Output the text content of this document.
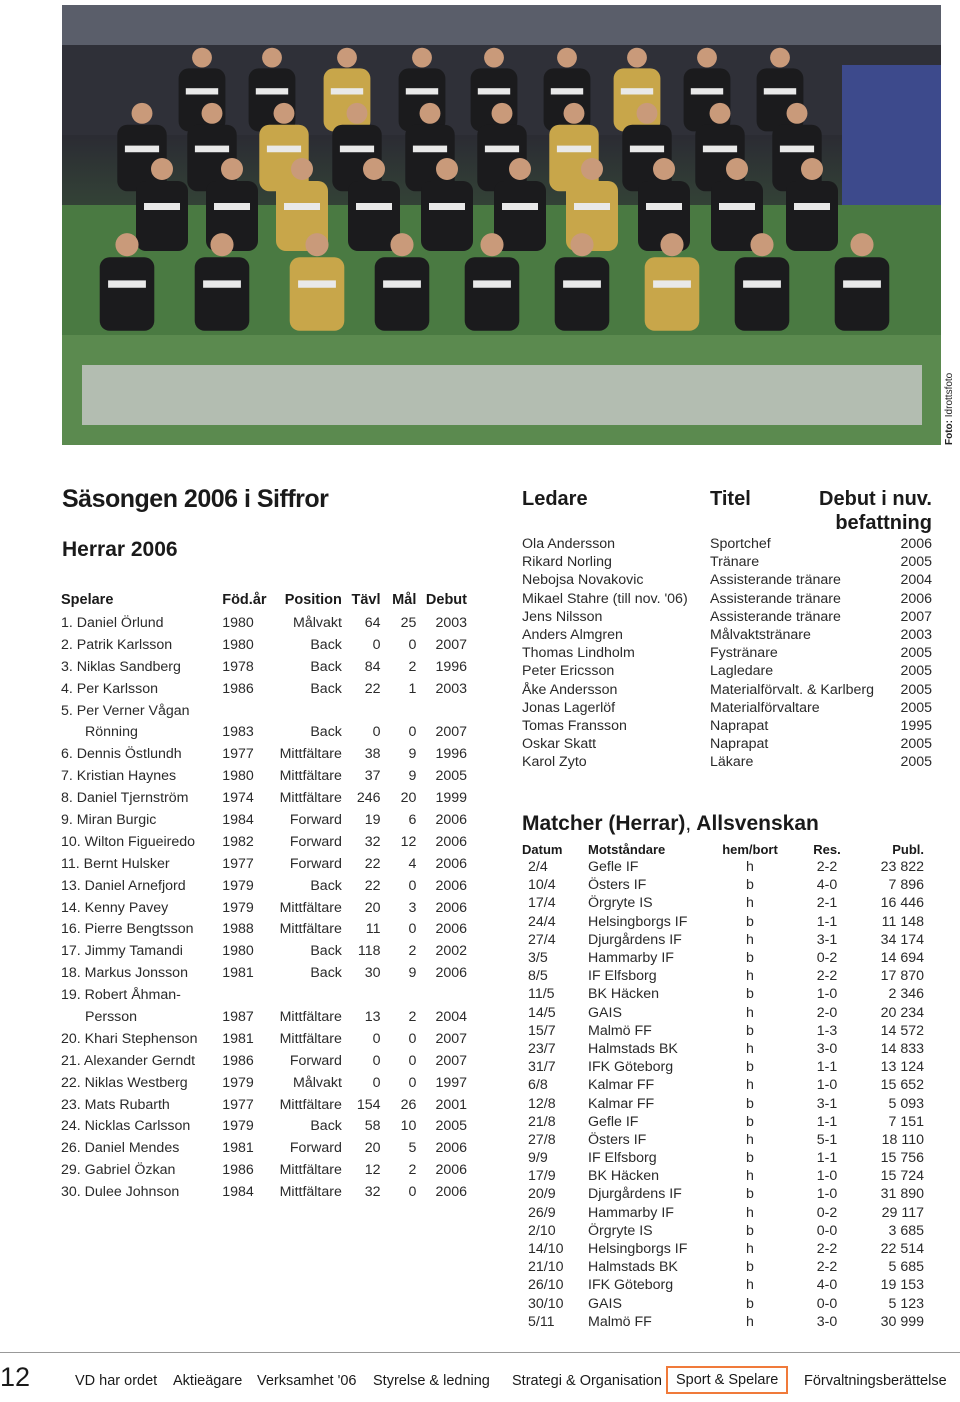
Foto: Idrottsfoto
Säsongen 2006 i Siffror
Herrar 2006
Spelare	Föd.år	Position	Tävl	Mål	Debut
1. Daniel Örlund	1980	Målvakt	64	25	2003
2. Patrik Karlsson	1980	Back	0	0	2007
3. Niklas Sandberg	1978	Back	84	2	1996
4. Per Karlsson	1986	Back	22	1	2003
5. Per Verner Vågan					
Rönning	1983	Back	0	0	2007
6. Dennis Östlundh	1977	Mittfältare	38	9	1996
7. Kristian Haynes	1980	Mittfältare	37	9	2005
8. Daniel Tjernström	1974	Mittfältare	246	20	1999
9. Miran Burgic	1984	Forward	19	6	2006
10. Wilton Figueiredo	1982	Forward	32	12	2006
11. Bernt Hulsker	1977	Forward	22	4	2006
13. Daniel Arnefjord	1979	Back	22	0	2006
14. Kenny Pavey	1979	Mittfältare	20	3	2006
16. Pierre Bengtsson	1988	Mittfältare	11	0	2006
17. Jimmy Tamandi	1980	Back	118	2	2002
18. Markus Jonsson	1981	Back	30	9	2006
19. Robert Åhman-					
Persson	1987	Mittfältare	13	2	2004
20. Khari Stephenson	1981	Mittfältare	0	0	2007
21. Alexander Gerndt	1986	Forward	0	0	2007
22. Niklas Westberg	1979	Målvakt	0	0	1997
23. Mats Rubarth	1977	Mittfältare	154	26	2001
24. Nicklas Carlsson	1979	Back	58	10	2005
26. Daniel Mendes	1981	Forward	20	5	2006
29. Gabriel Özkan	1986	Mittfältare	12	2	2006
30. Dulee Johnson	1984	Mittfältare	32	0	2006
Ledare	Titel	Debut i nuv.
befattning
Ola Andersson	Sportchef	2006
Rikard Norling	Tränare	2005
Nebojsa Novakovic	Assisterande tränare	2004
Mikael Stahre (till nov. '06)	Assisterande tränare	2006
Jens Nilsson	Assisterande tränare	2007
Anders Almgren	Målvaktstränare	2003
Thomas Lindholm	Fystränare	2005
Peter Ericsson	Lagledare	2005
Åke Andersson	Materialförvalt. & Karlberg	2005
Jonas Lagerlöf	Materialförvaltare	2005
Tomas Fransson	Naprapat	1995
Oskar Skatt	Naprapat	2005
Karol Zyto	Läkare	2005
Matcher (Herrar), Allsvenskan
Datum	Motståndare	hem/bort	Res.	Publ.
2/4	Gefle IF	h	2-2	23 822
10/4	Östers IF	b	4-0	7 896
17/4	Örgryte IS	h	2-1	16 446
24/4	Helsingborgs IF	b	1-1	11 148
27/4	Djurgårdens IF	h	3-1	34 174
3/5	Hammarby IF	b	0-2	14 694
8/5	IF Elfsborg	h	2-2	17 870
11/5	BK Häcken	b	1-0	2 346
14/5	GAIS	h	2-0	20 234
15/7	Malmö FF	b	1-3	14 572
23/7	Halmstads BK	h	3-0	14 833
31/7	IFK Göteborg	b	1-1	13 124
6/8	Kalmar FF	h	1-0	15 652
12/8	Kalmar FF	b	3-1	5 093
21/8	Gefle IF	b	1-1	7 151
27/8	Östers IF	h	5-1	18 110
9/9	IF Elfsborg	b	1-1	15 756
17/9	BK Häcken	h	1-0	15 724
20/9	Djurgårdens IF	b	1-0	31 890
26/9	Hammarby IF	h	0-2	29 117
2/10	Örgryte IS	b	0-0	3 685
14/10	Helsingborgs IF	h	2-2	22 514
21/10	Halmstads BK	b	2-2	5 685
26/10	IFK Göteborg	h	4-0	19 153
30/10	GAIS	b	0-0	5 123
5/11	Malmö FF	h	3-0	30 999
12	VD har ordet Aktieägare Verksamhet '06 Styrelse & ledning Strategi & Organisation Sport & Spelare	Förvaltningsberättelse
